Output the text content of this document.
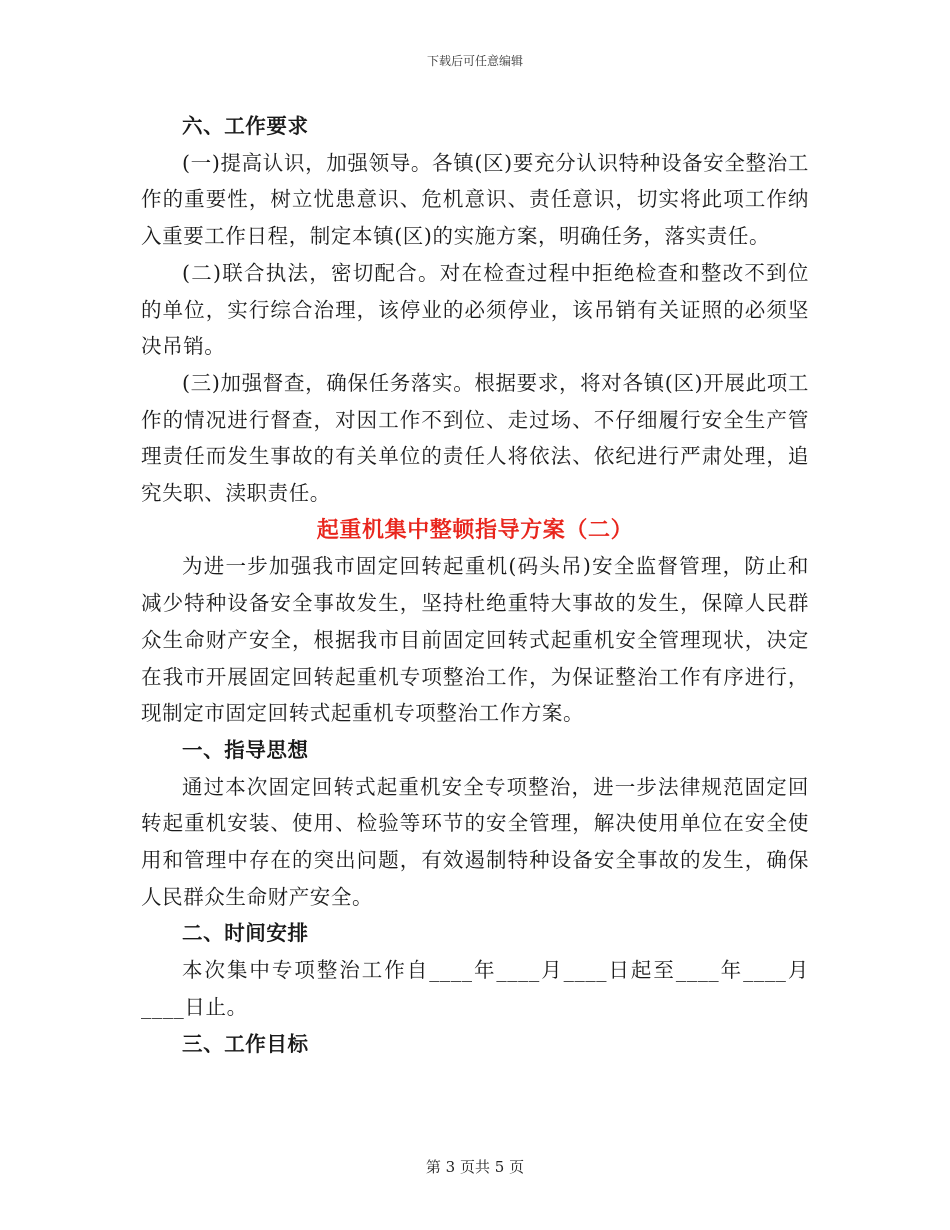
下载后可任意编辑

六、工作要求

(一)提高认识，加强领导。各镇(区)要充分认识特种设备安全整治工作的重要性，树立忧患意识、危机意识、责任意识，切实将此项工作纳入重要工作日程，制定本镇(区)的实施方案，明确任务，落实责任。

(二)联合执法，密切配合。对在检查过程中拒绝检查和整改不到位的单位，实行综合治理，该停业的必须停业，该吊销有关证照的必须坚决吊销。

(三)加强督查，确保任务落实。根据要求，将对各镇(区)开展此项工作的情况进行督查，对因工作不到位、走过场、不仔细履行安全生产管理责任而发生事故的有关单位的责任人将依法、依纪进行严肃处理，追究失职、渎职责任。

起重机集中整顿指导方案（二）

为进一步加强我市固定回转起重机(码头吊)安全监督管理，防止和减少特种设备安全事故发生，坚持杜绝重特大事故的发生，保障人民群众生命财产安全，根据我市目前固定回转式起重机安全管理现状，决定在我市开展固定回转起重机专项整治工作，为保证整治工作有序进行，现制定市固定回转式起重机专项整治工作方案。

一、指导思想

通过本次固定回转式起重机安全专项整治，进一步法律规范固定回转起重机安装、使用、检验等环节的安全管理，解决使用单位在安全使用和管理中存在的突出问题，有效遏制特种设备安全事故的发生，确保人民群众生命财产安全。

二、时间安排

本次集中专项整治工作自____年____月____日起至____年____月____日止。

三、工作目标

第 3 页共 5 页
